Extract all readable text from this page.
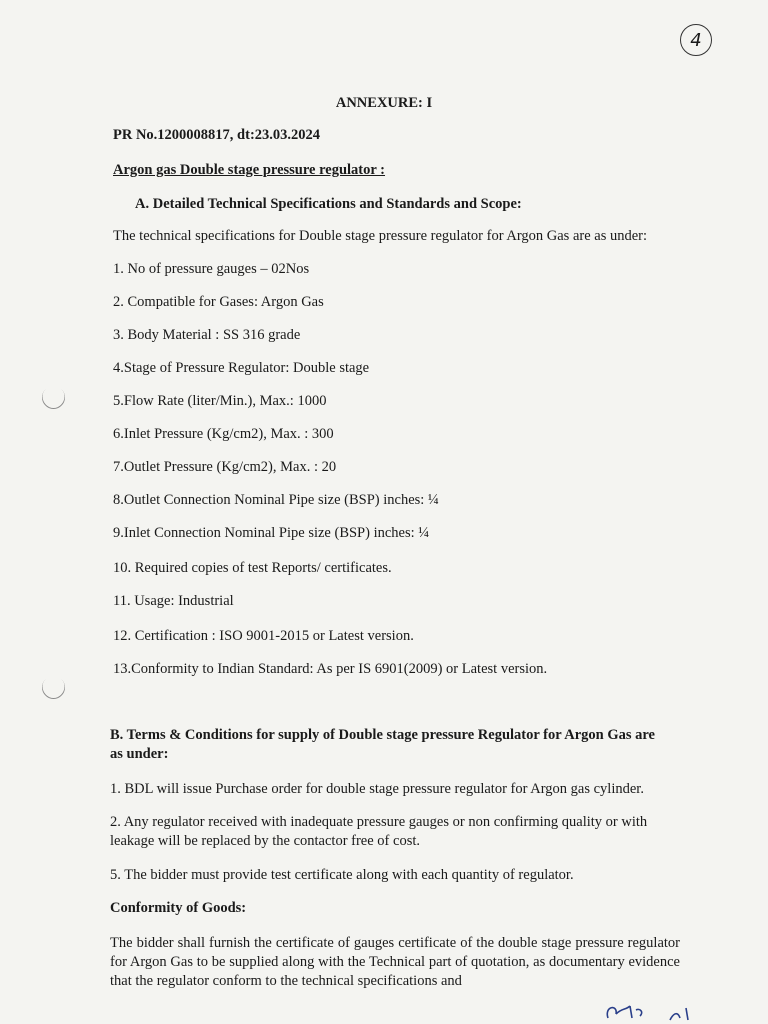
4
ANNEXURE: I
PR No.1200008817, dt:23.03.2024
Argon gas Double stage pressure regulator :
A. Detailed Technical Specifications and Standards and Scope:
The technical specifications for Double stage pressure regulator for Argon Gas are as under:
1. No of pressure gauges – 02Nos
2. Compatible for Gases: Argon Gas
3. Body Material : SS 316 grade
4.Stage of Pressure Regulator: Double stage
5.Flow Rate (liter/Min.), Max.: 1000
6.Inlet Pressure (Kg/cm2), Max. : 300
7.Outlet Pressure (Kg/cm2), Max. : 20
8.Outlet Connection Nominal Pipe size (BSP) inches: ¼
9.Inlet Connection Nominal Pipe size (BSP) inches: ¼
10. Required copies of test Reports/ certificates.
11. Usage: Industrial
12. Certification : ISO 9001-2015 or Latest version.
13.Conformity to Indian Standard: As per IS 6901(2009) or Latest version.
B. Terms & Conditions for supply of Double stage pressure Regulator for Argon Gas are as under:
1. BDL will issue Purchase order for double stage pressure regulator for Argon gas cylinder.
2. Any regulator received with inadequate pressure gauges or non confirming quality or with leakage will be replaced by the contactor free of cost.
5. The bidder must provide test certificate along with each quantity of regulator.
Conformity of Goods:
The bidder shall furnish the certificate of gauges certificate of the double stage pressure regulator for Argon Gas to be supplied along with the Technical part of quotation, as documentary evidence that the regulator conform to the technical specifications and
